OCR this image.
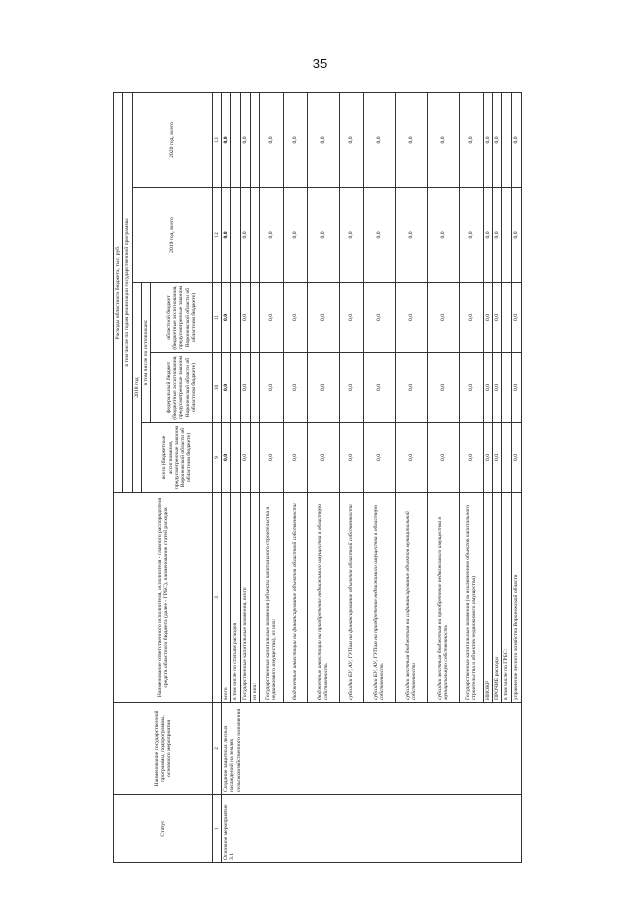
35
Статус	Наименование государственной программы, подпрограммы, основного мероприятия	Наименование ответственного исполнителя, исполнителя - главного распорядителя средств областного бюджета (далее - ГРБС), наименование статей расходов	Расходы областного бюджета, тыс. руб.				
			в том числе по годам реализации государственной программы				
			2018 год			2019 год, всего	2020 год, всего
			всего (бюджетные ассигнования, предусмотренные законом Воронежской области об областном бюджете)	в том числе по источникам:			
				федеральный бюджет (бюджетные ассигнования, предусмотренные законом Воронежской области об областном бюджете)	областной бюджет (бюджетные ассигнования, предусмотренные законом Воронежской области об областном бюджете)		
1	2	3	9	10	11	12	13
Основное мероприятие 3.1	Создание защитных лесных насаждений на землях сельскохозяйственного назначения	всего	0,0	0,0	0,0	0,0	0,0
		в том числе по статьям расходов					
		Государственные капитальные вложения, всего	0,0	0,0	0,0	0,0	0,0
		из них:					
		Государственные капитальные вложения (объекты капитального строительства и недвижимого имущества), из них:	0,0	0,0	0,0	0,0	0,0
		бюджетные инвестиции на финансирование объектов областной собственности	0,0	0,0	0,0	0,0	0,0
		бюджетные инвестиции на приобретение недвижимого имущества в областную собственность	0,0	0,0	0,0	0,0	0,0
		субсидии БУ, АУ, ГУПам на финансирование объектов областной собственности	0,0	0,0	0,0	0,0	0,0
		субсидии БУ, АУ, ГУПам на приобретение недвижимого имущества в областную собственность	0,0	0,0	0,0	0,0	0,0
		субсидии местным бюджетам на софинансирование объектов муниципальной собственности	0,0	0,0	0,0	0,0	0,0
		субсидии местным бюджетам на приобретение недвижимого имущества в муниципальную собственность	0,0	0,0	0,0	0,0	0,0
		Государственные капитальные вложения (за исключением объектов капитального строительства и объектов недвижимого имущества)	0,0	0,0	0,0	0,0	0,0
		НИОКР	0,0	0,0	0,0	0,0	0,0
		ПРОЧИЕ расходы	0,0	0,0	0,0	0,0	0,0
		в том числе по ГРБС:					
		управление лесного хозяйства Воронежской области	0,0	0,0	0,0	0,0	0,0
